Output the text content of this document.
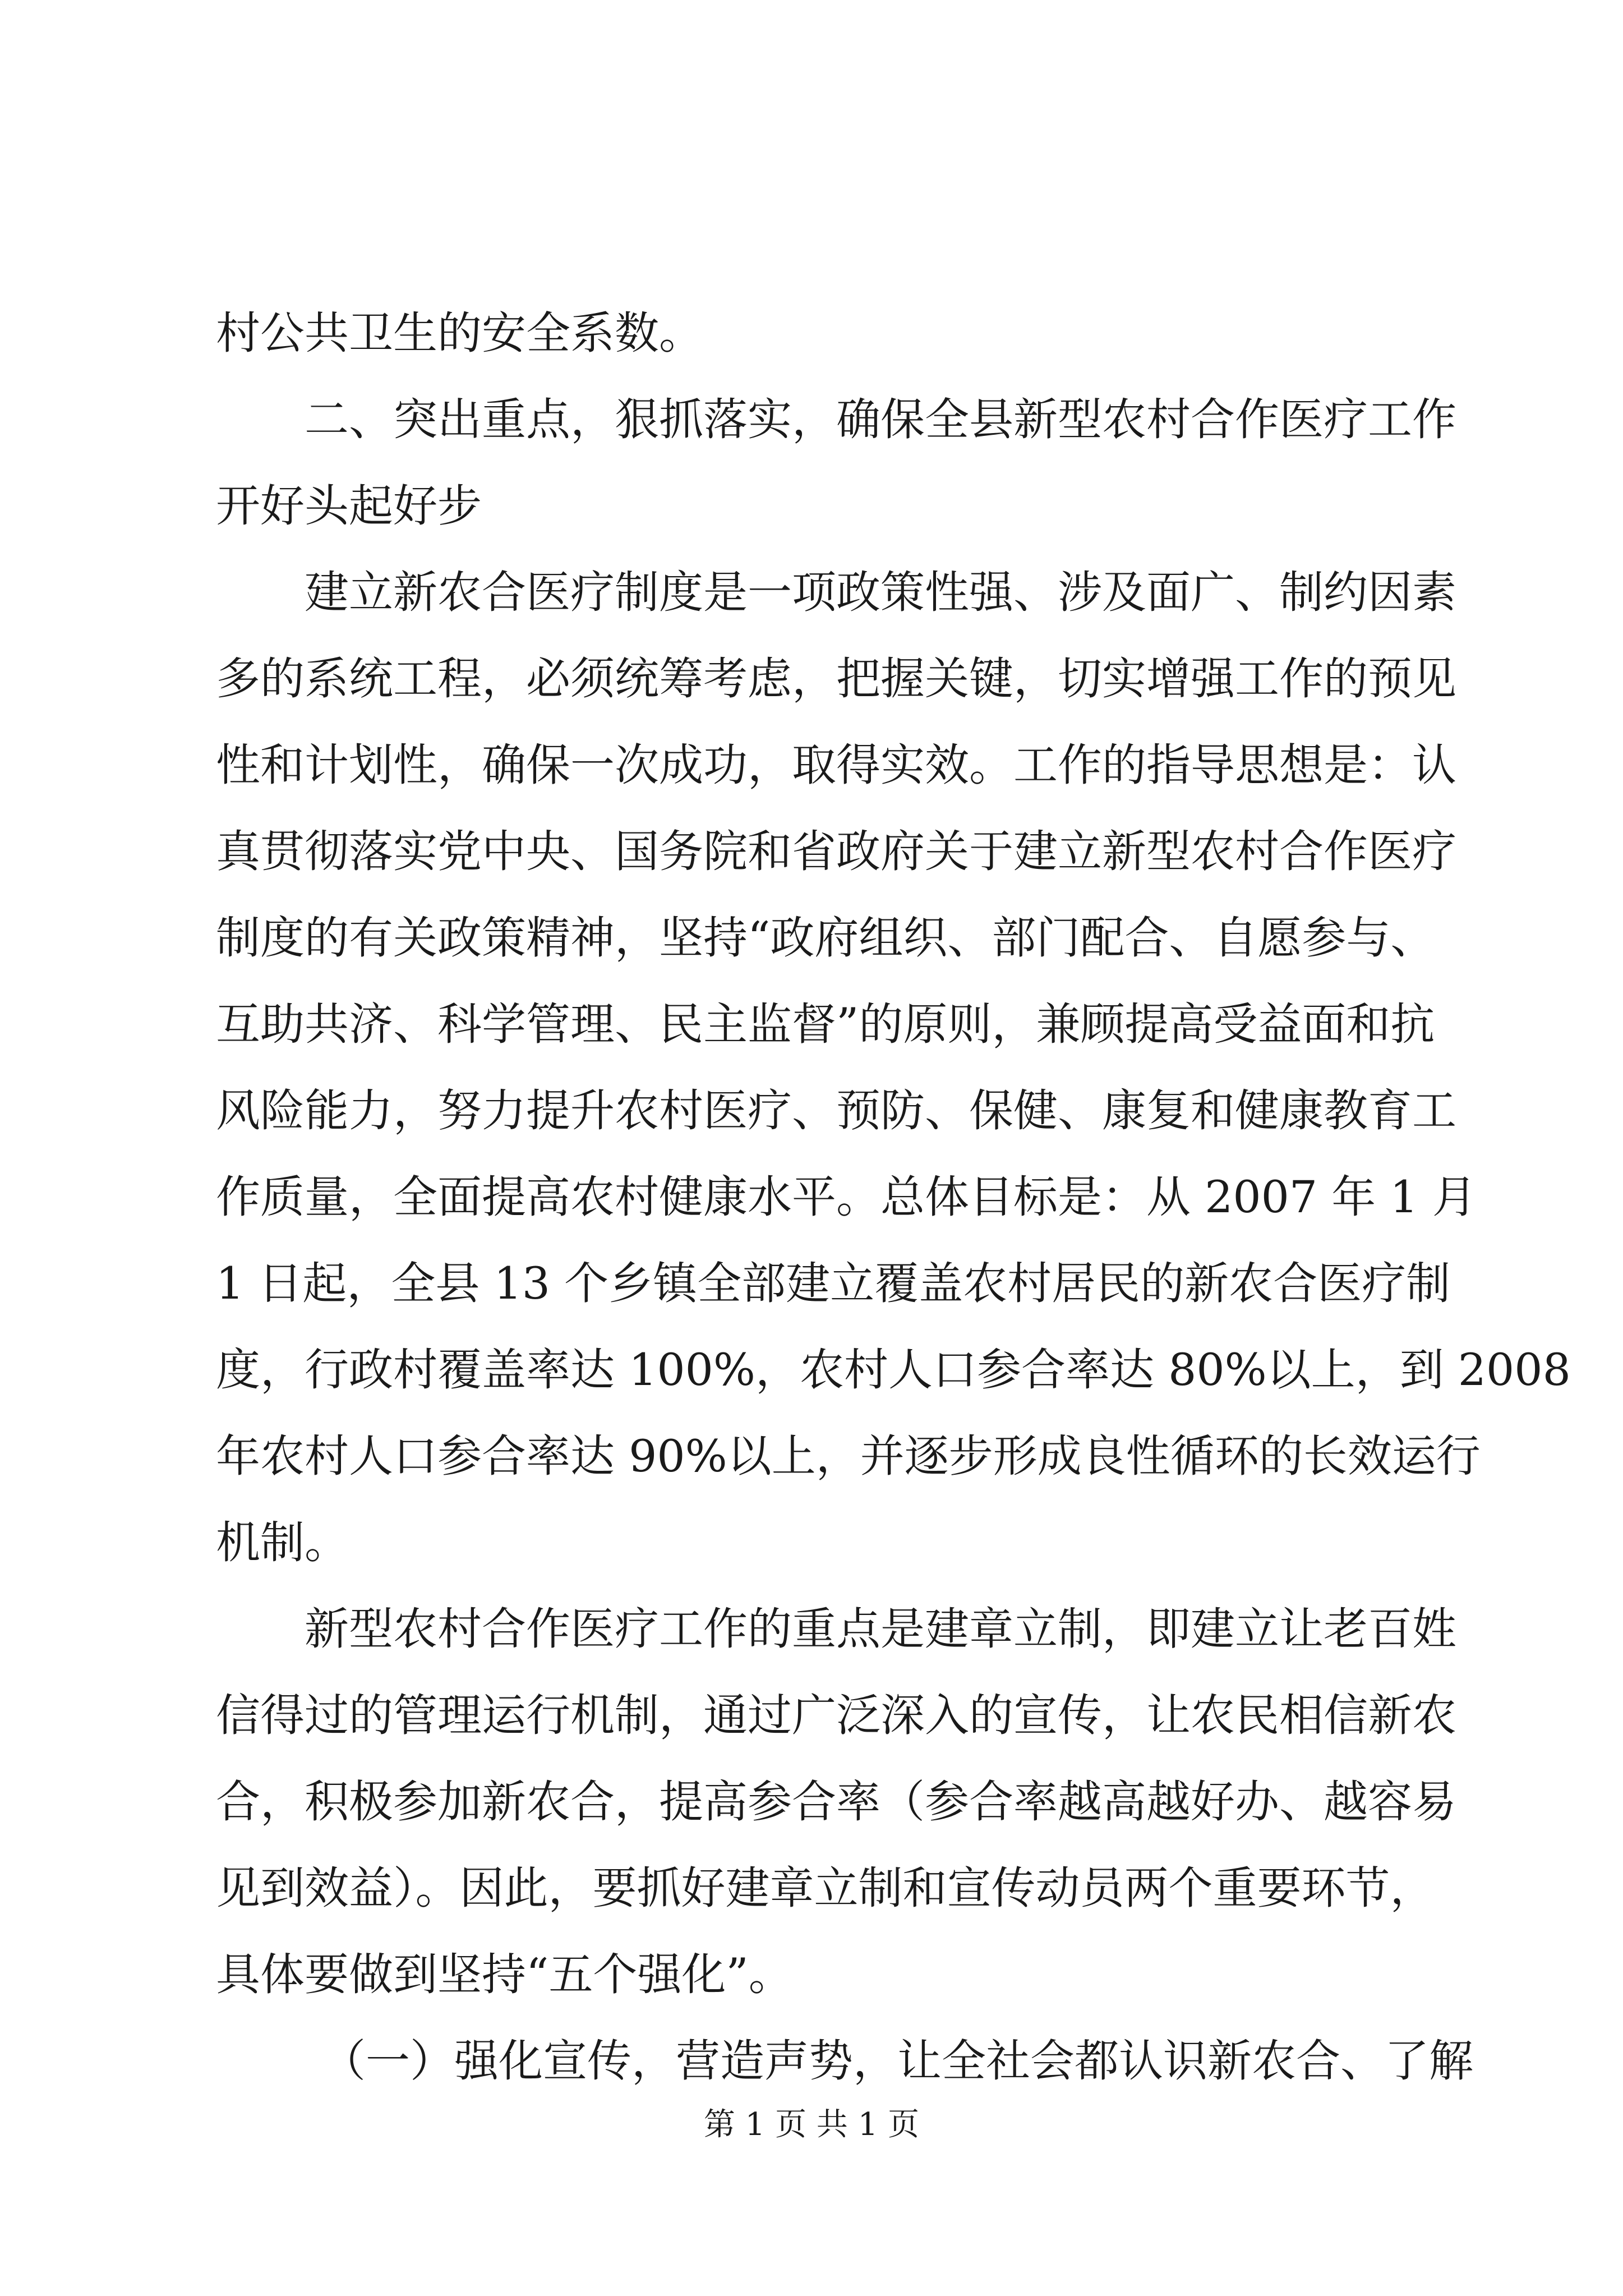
村公共卫生的安全系数。
二、突出重点，狠抓落实，确保全县新型农村合作医疗工作
开好头起好步
建立新农合医疗制度是一项政策性强、涉及面广、制约因素
多的系统工程，必须统筹考虑，把握关键，切实增强工作的预见
性和计划性，确保一次成功，取得实效。工作的指导思想是：认
真贯彻落实党中央、国务院和省政府关于建立新型农村合作医疗
制度的有关政策精神，坚持“政府组织、部门配合、自愿参与、
互助共济、科学管理、民主监督”的原则，兼顾提高受益面和抗
风险能力，努力提升农村医疗、预防、保健、康复和健康教育工
作质量，全面提高农村健康水平。总体目标是：从 2007 年 1 月
1 日起，全县 13 个乡镇全部建立覆盖农村居民的新农合医疗制
度，行政村覆盖率达 100%，农村人口参合率达 80%以上，到 2008
年农村人口参合率达 90%以上，并逐步形成良性循环的长效运行
机制。
新型农村合作医疗工作的重点是建章立制，即建立让老百姓
信得过的管理运行机制，通过广泛深入的宣传，让农民相信新农
合，积极参加新农合，提高参合率（参合率越高越好办、越容易
见到效益）。因此，要抓好建章立制和宣传动员两个重要环节，
具体要做到坚持“五个强化”。
（一）强化宣传，营造声势，让全社会都认识新农合、了解
第 1 页 共 1 页
